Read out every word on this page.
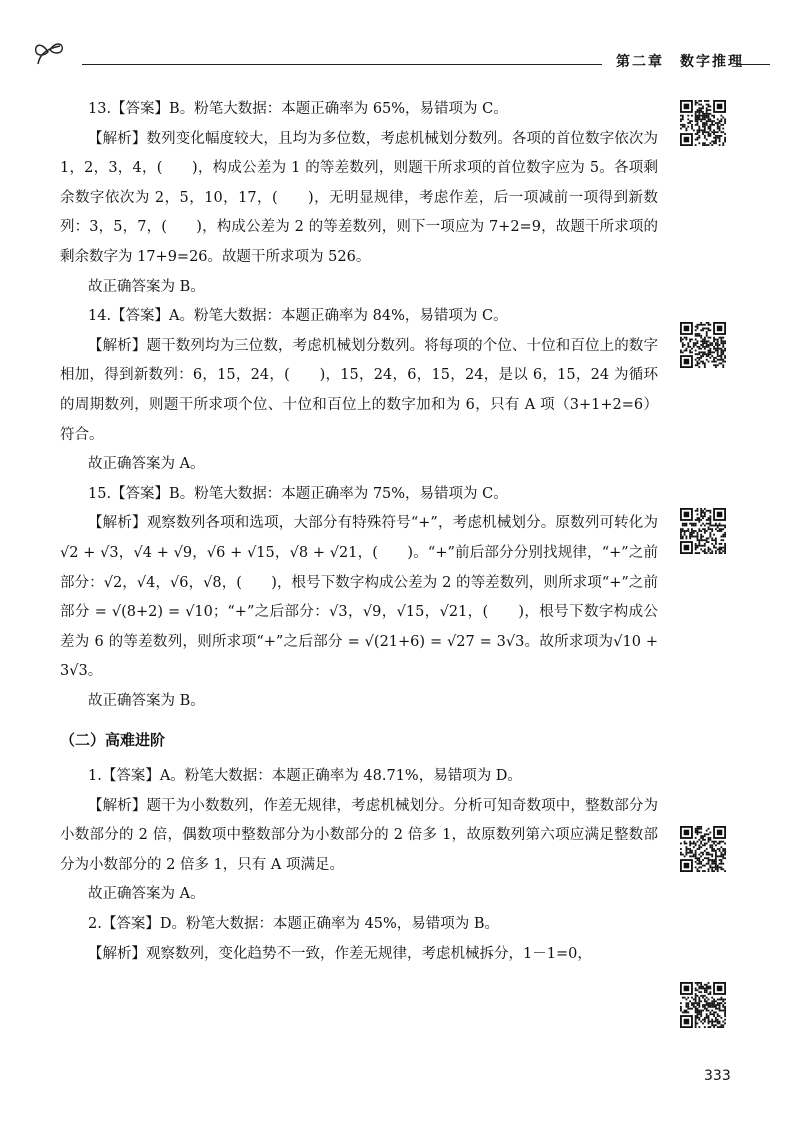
第二章　数字推理

13.【答案】B。粉笔大数据：本题正确率为 65%，易错项为 C。

【解析】数列变化幅度较大，且均为多位数，考虑机械划分数列。各项的首位数字依次为 1，2，3，4，(　　)，构成公差为 1 的等差数列，则题干所求项的首位数字应为 5。各项剩余数字依次为 2，5，10，17，(　　)，无明显规律，考虑作差，后一项减前一项得到新数列：3，5，7，(　　)，构成公差为 2 的等差数列，则下一项应为 7+2=9，故题干所求项的剩余数字为 17+9=26。故题干所求项为 526。

故正确答案为 B。

14.【答案】A。粉笔大数据：本题正确率为 84%，易错项为 C。

【解析】题干数列均为三位数，考虑机械划分数列。将每项的个位、十位和百位上的数字相加，得到新数列：6，15，24，(　　)，15，24，6，15，24，是以 6，15，24 为循环的周期数列，则题干所求项个位、十位和百位上的数字加和为 6，只有 A 项（3+1+2=6）符合。

故正确答案为 A。

15.【答案】B。粉笔大数据：本题正确率为 75%，易错项为 C。

【解析】观察数列各项和选项，大部分有特殊符号“+”，考虑机械划分。原数列可转化为√2 + √3，√4 + √9，√6 + √15，√8 + √21，(　　)。“+”前后部分分别找规律，“+”之前部分：√2，√4，√6，√8，(　　)，根号下数字构成公差为 2 的等差数列，则所求项“+”之前部分 = √(8+2) = √10；“+”之后部分：√3，√9，√15，√21，(　　)，根号下数字构成公差为 6 的等差数列，则所求项“+”之后部分 = √(21+6) = √27 = 3√3。故所求项为√10 + 3√3。

故正确答案为 B。

（二）高难进阶

1.【答案】A。粉笔大数据：本题正确率为 48.71%，易错项为 D。

【解析】题干为小数数列，作差无规律，考虑机械划分。分析可知奇数项中，整数部分为小数部分的 2 倍，偶数项中整数部分为小数部分的 2 倍多 1，故原数列第六项应满足整数部分为小数部分的 2 倍多 1，只有 A 项满足。

故正确答案为 A。

2.【答案】D。粉笔大数据：本题正确率为 45%，易错项为 B。

【解析】观察数列，变化趋势不一致，作差无规律，考虑机械拆分，1－1=0，

333
